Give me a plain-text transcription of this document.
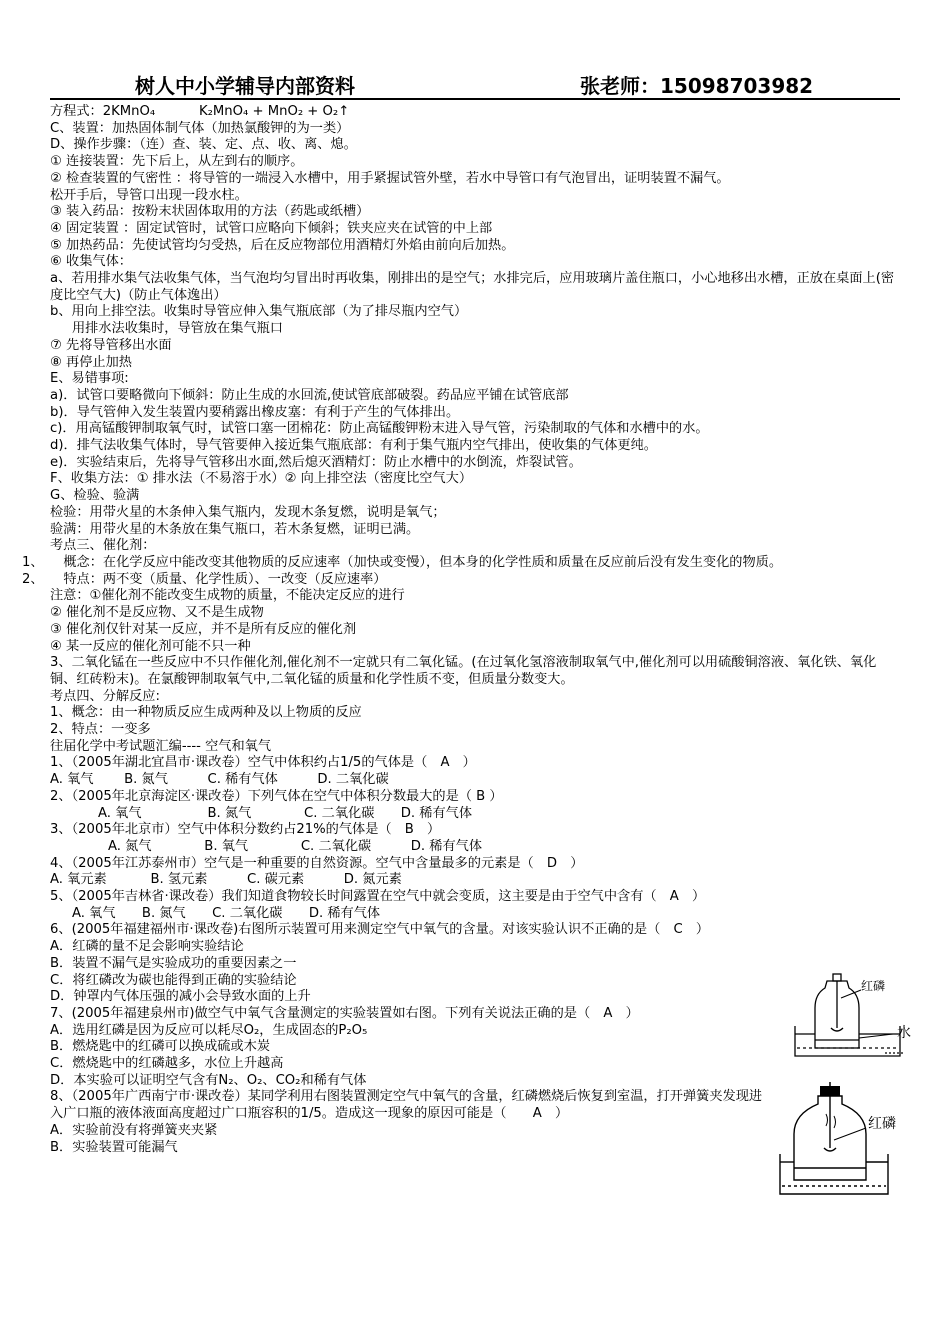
树人中小学辅导内部资料	张老师：15098703982
方程式：2KMnO₄　　　 K₂MnO₄ + MnO₂ + O₂↑
C、装置：加热固体制气体（加热氯酸钾的为一类）
D、操作步骤：（连）查、装、定、点、收、离、熄。
① 连接装置：先下后上，从左到右的顺序。
② 检查装置的气密性 ：将导管的一端浸入水槽中，用手紧握试管外壁，若水中导管口有气泡冒出，证明装置不漏气。
松开手后，导管口出现一段水柱。
③ 装入药品：按粉末状固体取用的方法（药匙或纸槽）
④ 固定装置 ：固定试管时，试管口应略向下倾斜；铁夹应夹在试管的中上部
⑤ 加热药品：先使试管均匀受热，后在反应物部位用酒精灯外焰由前向后加热。
⑥ 收集气体：
a、若用排水集气法收集气体，当气泡均匀冒出时再收集，刚排出的是空气；水排完后，应用玻璃片盖住瓶口，小心地移出水槽，正放在桌面上(密度比空气大)（防止气体逸出）
b、用向上排空法。收集时导管应伸入集气瓶底部（为了排尽瓶内空气）
用排水法收集时，导管放在集气瓶口
⑦ 先将导管移出水面
⑧ 再停止加热
E、易错事项:
a)．试管口要略微向下倾斜：防止生成的水回流,使试管底部破裂。药品应平铺在试管底部
b)．导气管伸入发生装置内要稍露出橡皮塞：有利于产生的气体排出。
c)．用高锰酸钾制取氧气时，试管口塞一团棉花：防止高锰酸钾粉末进入导气管，污染制取的气体和水槽中的水。
d)．排气法收集气体时，导气管要伸入接近集气瓶底部：有利于集气瓶内空气排出，使收集的气体更纯。
e)．实验结束后，先将导气管移出水面,然后熄灭酒精灯：防止水槽中的水倒流，炸裂试管。
F、收集方法：① 排水法（不易溶于水）② 向上排空法（密度比空气大）
G、检验、验满
检验：用带火星的木条伸入集气瓶内，发现木条复燃，说明是氧气；
验满：用带火星的木条放在集气瓶口，若木条复燃，证明已满。
考点三、催化剂：
1、　　概念：在化学反应中能改变其他物质的反应速率（加快或变慢），但本身的化学性质和质量在反应前后没有发生变化的物质。
2、　　特点：两不变（质量、化学性质）、一改变（反应速率）
注意：①催化剂不能改变生成物的质量，不能决定反应的进行
② 催化剂不是反应物、又不是生成物
③ 催化剂仅针对某一反应，并不是所有反应的催化剂
④ 某一反应的催化剂可能不只一种
3、二氧化锰在一些反应中不只作催化剂,催化剂不一定就只有二氧化锰。(在过氧化氢溶液制取氧气中,催化剂可以用硫酸铜溶液、氧化铁、氧化铜、红砖粉末)。在氯酸钾制取氧气中,二氧化锰的质量和化学性质不变，但质量分数变大。
考点四、分解反应:
1、概念：由一种物质反应生成两种及以上物质的反应
2、特点：一变多
往届化学中考试题汇编---- 空气和氧气
1、（2005年湖北宜昌市·课改卷）空气中体积约占1/5的气体是（　A　）
A. 氧气　　 B. 氮气　　　C. 稀有气体　　　D. 二氧化碳
2、（2005年北京海淀区·课改卷）下列气体在空气中体积分数最大的是（ B ）
A. 氧气　　　　　B. 氮气　　　　C. 二氧化碳　　D. 稀有气体
3、（2005年北京市）空气中体积分数约占21%的气体是（　B　）
A. 氮气　　　　B. 氧气　　　　C. 二氧化碳　　　D. 稀有气体
4、（2005年江苏泰州市）空气是一种重要的自然资源。空气中含量最多的元素是（　D　）
A. 氧元素　　　 B. 氢元素　　　C. 碳元素　　　D. 氮元素
5、（2005年吉林省·课改卷）我们知道食物较长时间露置在空气中就会变质，这主要是由于空气中含有（　A　）
A. 氧气　　B. 氮气　　C. 二氧化碳　　D. 稀有气体
6、(2005年福建福州市·课改卷)右图所示装置可用来测定空气中氧气的含量。对该实验认识不正确的是（　C　）
A．红磷的量不足会影响实验结论
B．装置不漏气是实验成功的重要因素之一
C．将红磷改为碳也能得到正确的实验结论
D．钟罩内气体压强的减小会导致水面的上升
7、(2005年福建泉州市)做空气中氧气含量测定的实验装置如右图。下列有关说法正确的是（　A　）
A．选用红磷是因为反应可以耗尽O₂，生成固态的P₂O₅
B．燃烧匙中的红磷可以换成硫或木炭
C．燃烧匙中的红磷越多，水位上升越高
D．本实验可以证明空气含有N₂、O₂、CO₂和稀有气体
8、（2005年广西南宁市·课改卷）某同学利用右图装置测定空气中氧气的含量，红磷燃烧后恢复到室温，打开弹簧夹发现进入广口瓶的液体液面高度超过广口瓶容积的1/5。造成这一现象的原因可能是（　　A　）
A．实验前没有将弹簧夹夹紧
B．实验装置可能漏气
红磷
水
红磷
